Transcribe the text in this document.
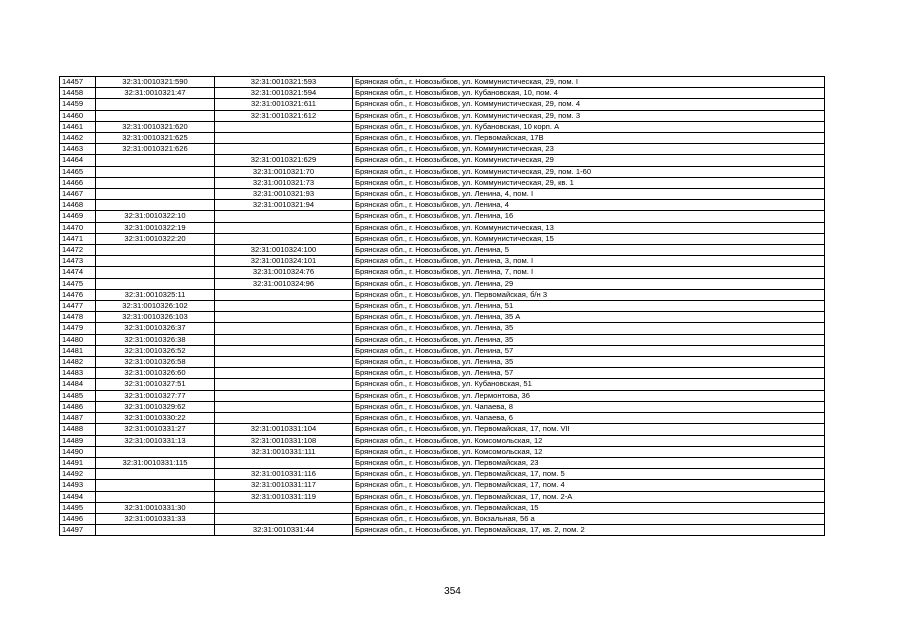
14457	32:31:0010321:590	32:31:0010321:593	Брянская обл., г. Новозыбков, ул. Коммунистическая, 29, пом. I
14458	32:31:0010321:47	32:31:0010321:594	Брянская обл., г. Новозыбков, ул. Кубановская, 10, пом. 4
14459		32:31:0010321:611	Брянская обл., г. Новозыбков, ул. Коммунистическая, 29, пом. 4
14460		32:31:0010321:612	Брянская обл., г. Новозыбков, ул. Коммунистическая, 29, пом. 3
14461	32:31:0010321:620		Брянская обл., г. Новозыбков, ул. Кубановская, 10 корп. А
14462	32:31:0010321:625		Брянская обл., г. Новозыбков, ул. Первомайская, 17В
14463	32:31:0010321:626		Брянская обл., г. Новозыбков, ул. Коммунистическая, 23
14464		32:31:0010321:629	Брянская обл., г. Новозыбков, ул. Коммунистическая, 29
14465		32:31:0010321:70	Брянская обл., г. Новозыбков, ул. Коммунистическая, 29, пом. 1-60
14466		32:31:0010321:73	Брянская обл., г. Новозыбков, ул. Коммунистическая, 29, кв. 1
14467		32:31:0010321:93	Брянская обл., г. Новозыбков, ул. Ленина, 4, пом. I
14468		32:31:0010321:94	Брянская обл., г. Новозыбков, ул. Ленина, 4
14469	32:31:0010322:10		Брянская обл., г. Новозыбков, ул. Ленина, 16
14470	32:31:0010322:19		Брянская обл., г. Новозыбков, ул. Коммунистическая, 13
14471	32:31:0010322:20		Брянская обл., г. Новозыбков, ул. Коммунистическая, 15
14472		32:31:0010324:100	Брянская обл., г. Новозыбков, ул. Ленина, 5
14473		32:31:0010324:101	Брянская обл., г. Новозыбков, ул. Ленина, 3, пом. I
14474		32:31:0010324:76	Брянская обл., г. Новозыбков, ул. Ленина, 7, пом. I
14475		32:31:0010324:96	Брянская обл., г. Новозыбков, ул. Ленина, 29
14476	32:31:0010325:11		Брянская обл., г. Новозыбков, ул. Первомайская, б/н 3
14477	32:31:0010326:102		Брянская обл., г. Новозыбков, ул. Ленина, 51
14478	32:31:0010326:103		Брянская обл., г. Новозыбков, ул. Ленина, 35 А
14479	32:31:0010326:37		Брянская обл., г. Новозыбков, ул. Ленина, 35
14480	32:31:0010326:38		Брянская обл., г. Новозыбков, ул. Ленина, 35
14481	32:31:0010326:52		Брянская обл., г. Новозыбков, ул. Ленина, 57
14482	32:31:0010326:58		Брянская обл., г. Новозыбков, ул. Ленина, 35
14483	32:31:0010326:60		Брянская обл., г. Новозыбков, ул. Ленина, 57
14484	32:31:0010327:51		Брянская обл., г. Новозыбков, ул. Кубановская, 51
14485	32:31:0010327:77		Брянская обл., г. Новозыбков, ул. Лермонтова, 36
14486	32:31:0010329:62		Брянская обл., г. Новозыбков, ул. Чапаева, 8
14487	32:31:0010330:22		Брянская обл., г. Новозыбков, ул. Чапаева, 6
14488	32:31:0010331:27	32:31:0010331:104	Брянская обл., г. Новозыбков, ул. Первомайская, 17, пом. VII
14489	32:31:0010331:13	32:31:0010331:108	Брянская обл., г. Новозыбков, ул. Комсомольская, 12
14490		32:31:0010331:111	Брянская обл., г. Новозыбков, ул. Комсомольская, 12
14491	32:31:0010331:115		Брянская обл., г. Новозыбков, ул. Первомайская, 23
14492		32:31:0010331:116	Брянская обл., г. Новозыбков, ул. Первомайская, 17, пом. 5
14493		32:31:0010331:117	Брянская обл., г. Новозыбков, ул. Первомайская, 17, пом. 4
14494		32:31:0010331:119	Брянская обл., г. Новозыбков, ул. Первомайская, 17, пом. 2-А
14495	32:31:0010331:30		Брянская обл., г. Новозыбков, ул. Первомайская, 15
14496	32:31:0010331:33		Брянская обл., г. Новозыбков, ул. Вокзальная, 56 а
14497		32:31:0010331:44	Брянская обл., г. Новозыбков, ул. Первомайская, 17, кв. 2, пом. 2
354
